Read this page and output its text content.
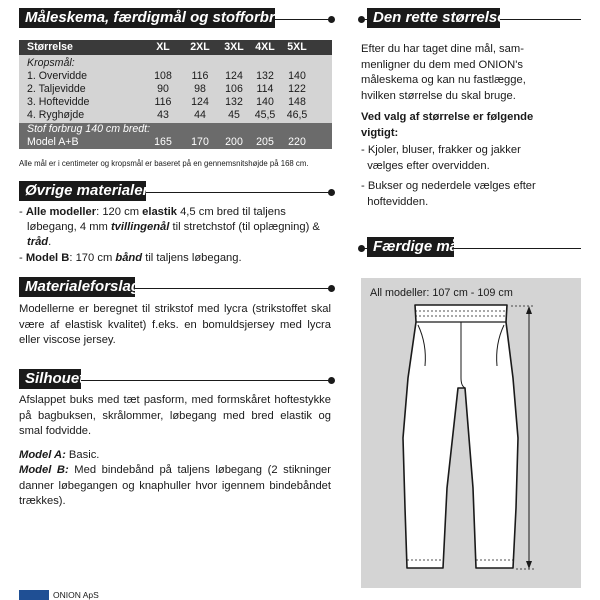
Måleskema, færdigmål og stofforbrug
Størrelse	XL	2XL	3XL	4XL	5XL
Kropsmål:
1. Overvidde	108	116	124	132	140
2. Taljevidde	90	98	106	114	122
3. Hoftevidde	116	124	132	140	148
4. Ryghøjde	43	44	45	45,5	46,5
Stof forbrug 140 cm bredt:
Model A+B	165	170	200	205	220
Alle mål er i centimeter og kropsmål er baseret på en gennemsnitshøjde på 168 cm.
Øvrige materialer
- Alle modeller: 120 cm elastik 4,5 cm bred til taljens
løbegang, 4 mm tvillingenål til stretchstof (til oplægning) &
tråd.
- Model B: 170 cm bånd til taljens løbegang.
Materialeforslag
Modellerne er beregnet til strikstof med lycra (strikstoffet skal være af elastisk kvalitet) f.eks. en bomuldsjersey med lycra eller viscose jersey.
Silhouet
Afslappet buks med tæt pasform, med formskåret hoftestykke på bagbuksen, skrålommer, løbegang med bred elastik og smal fodvidde.
Model A: Basic.
Model B: Med bindebånd på taljens løbegang (2 stikninger danner løbegangen og knaphuller hvor igennem bindebåndet trækkes).
ONION ApS
Den rette størrelse
Efter du har taget dine mål, sam-
menligner du dem med ONION's
måleskema og kan nu fastlægge,
hvilken størrelse du skal bruge.
Ved valg af størrelse er følgende
vigtigt:
- Kjoler, bluser, frakker og jakker
vælges efter overvidden.
- Bukser og nederdele vælges efter
hoftevidden.
Færdige mål
All modeller: 107 cm - 109 cm
